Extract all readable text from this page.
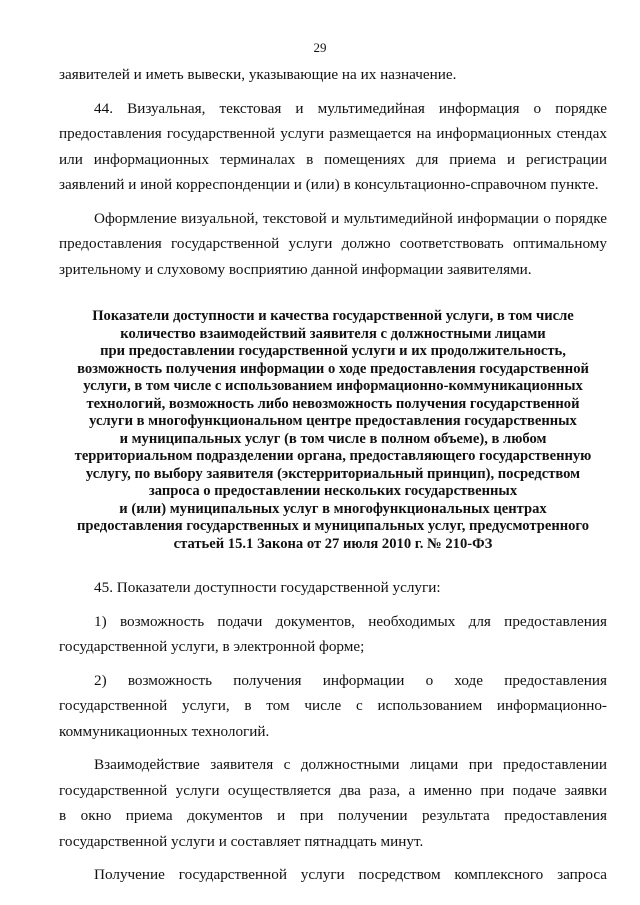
29
заявителей и иметь вывески, указывающие на их назначение.
44. Визуальная, текстовая и мультимедийная информация о порядке
предоставления государственной услуги размещается на информационных стендах
или информационных терминалах в помещениях для приема и регистрации
заявлений и иной корреспонденции и (или) в консультационно-справочном пункте.
Оформление визуальной, текстовой и мультимедийной информации о порядке
предоставления государственной услуги должно соответствовать оптимальному
зрительному и слуховому восприятию данной информации заявителями.
Показатели доступности и качества государственной услуги, в том числе
количество взаимодействий заявителя с должностными лицами
при предоставлении государственной услуги и их продолжительность,
возможность получения информации о ходе предоставления государственной
услуги, в том числе с использованием информационно-коммуникационных
технологий, возможность либо невозможность получения государственной
услуги в многофункциональном центре предоставления государственных
и муниципальных услуг (в том числе в полном объеме), в любом
территориальном подразделении органа, предоставляющего государственную
услугу, по выбору заявителя (экстерриториальный принцип), посредством
запроса о предоставлении нескольких государственных
и (или) муниципальных услуг в многофункциональных центрах
предоставления государственных и муниципальных услуг, предусмотренного
статьей 15.1 Закона от 27 июля 2010 г. № 210-ФЗ
45. Показатели доступности государственной услуги:
1) возможность подачи документов, необходимых для предоставления
государственной услуги, в электронной форме;
2) возможность получения информации о ходе предоставления
государственной услуги, в том числе с использованием информационно-
коммуникационных технологий.
Взаимодействие заявителя с должностными лицами при предоставлении
государственной услуги осуществляется два раза, а именно при подаче заявки
в окно приема документов и при получении результата предоставления
государственной услуги и составляет пятнадцать минут.
Получение государственной услуги посредством комплексного запроса
